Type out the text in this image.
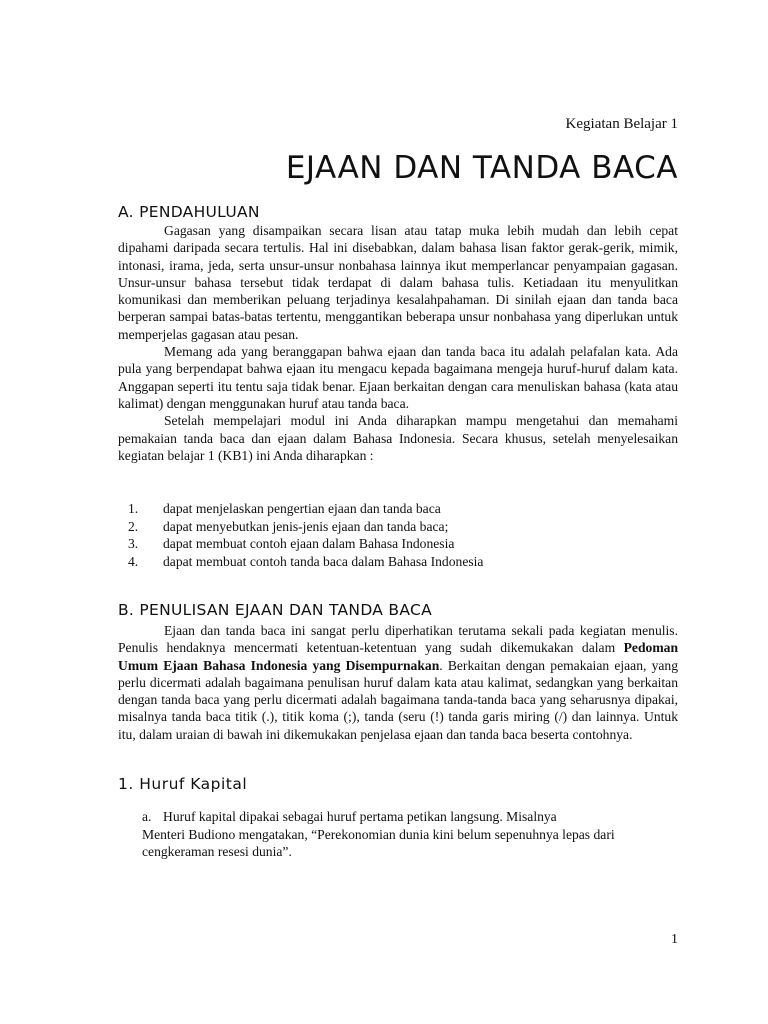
Kegiatan Belajar 1
EJAAN DAN TANDA BACA
A. PENDAHULUAN
Gagasan yang disampaikan secara lisan atau tatap muka lebih mudah dan lebih cepat dipahami daripada secara tertulis. Hal ini disebabkan, dalam bahasa lisan faktor gerak-gerik, mimik, intonasi, irama, jeda, serta unsur-unsur nonbahasa lainnya ikut memperlancar penyampaian gagasan. Unsur-unsur bahasa tersebut tidak terdapat di dalam bahasa tulis. Ketiadaan itu menyulitkan komunikasi dan memberikan peluang terjadinya kesalahpahaman. Di sinilah ejaan dan tanda baca berperan sampai batas-batas tertentu, menggantikan beberapa unsur nonbahasa yang diperlukan untuk memperjelas gagasan atau pesan.
Memang ada yang beranggapan bahwa ejaan dan tanda baca itu adalah pelafalan kata. Ada pula yang berpendapat bahwa ejaan itu mengacu kepada bagaimana mengeja huruf-huruf dalam kata. Anggapan seperti itu tentu saja tidak benar. Ejaan berkaitan dengan cara menuliskan bahasa (kata atau kalimat) dengan menggunakan huruf atau tanda baca.
Setelah mempelajari modul ini Anda diharapkan mampu mengetahui dan memahami pemakaian tanda baca dan ejaan dalam Bahasa Indonesia. Secara khusus, setelah menyelesaikan kegiatan belajar 1 (KB1) ini Anda diharapkan :
1.	dapat menjelaskan pengertian ejaan dan tanda baca
2.	dapat menyebutkan jenis-jenis ejaan dan tanda baca;
3.	dapat membuat contoh ejaan dalam Bahasa Indonesia
4.	dapat membuat contoh tanda baca dalam Bahasa Indonesia
B. PENULISAN EJAAN DAN TANDA BACA
Ejaan dan tanda baca ini sangat perlu diperhatikan terutama sekali pada kegiatan menulis. Penulis hendaknya mencermati ketentuan-ketentuan yang sudah dikemukakan dalam Pedoman Umum Ejaan Bahasa Indonesia yang Disempurnakan. Berkaitan dengan pemakaian ejaan, yang perlu dicermati adalah bagaimana penulisan huruf dalam kata atau kalimat, sedangkan yang berkaitan dengan tanda baca yang perlu dicermati adalah bagaimana tanda-tanda baca yang seharusnya dipakai, misalnya tanda baca titik (.), titik koma (;), tanda (seru (!) tanda garis miring (/) dan lainnya. Untuk itu, dalam uraian di bawah ini dikemukakan penjelasa ejaan dan tanda baca beserta contohnya.
1. Huruf Kapital
a. Huruf kapital dipakai sebagai huruf pertama petikan langsung. Misalnya
Menteri Budiono mengatakan, “Perekonomian dunia kini belum sepenuhnya lepas dari cengkeraman resesi dunia”.
1
